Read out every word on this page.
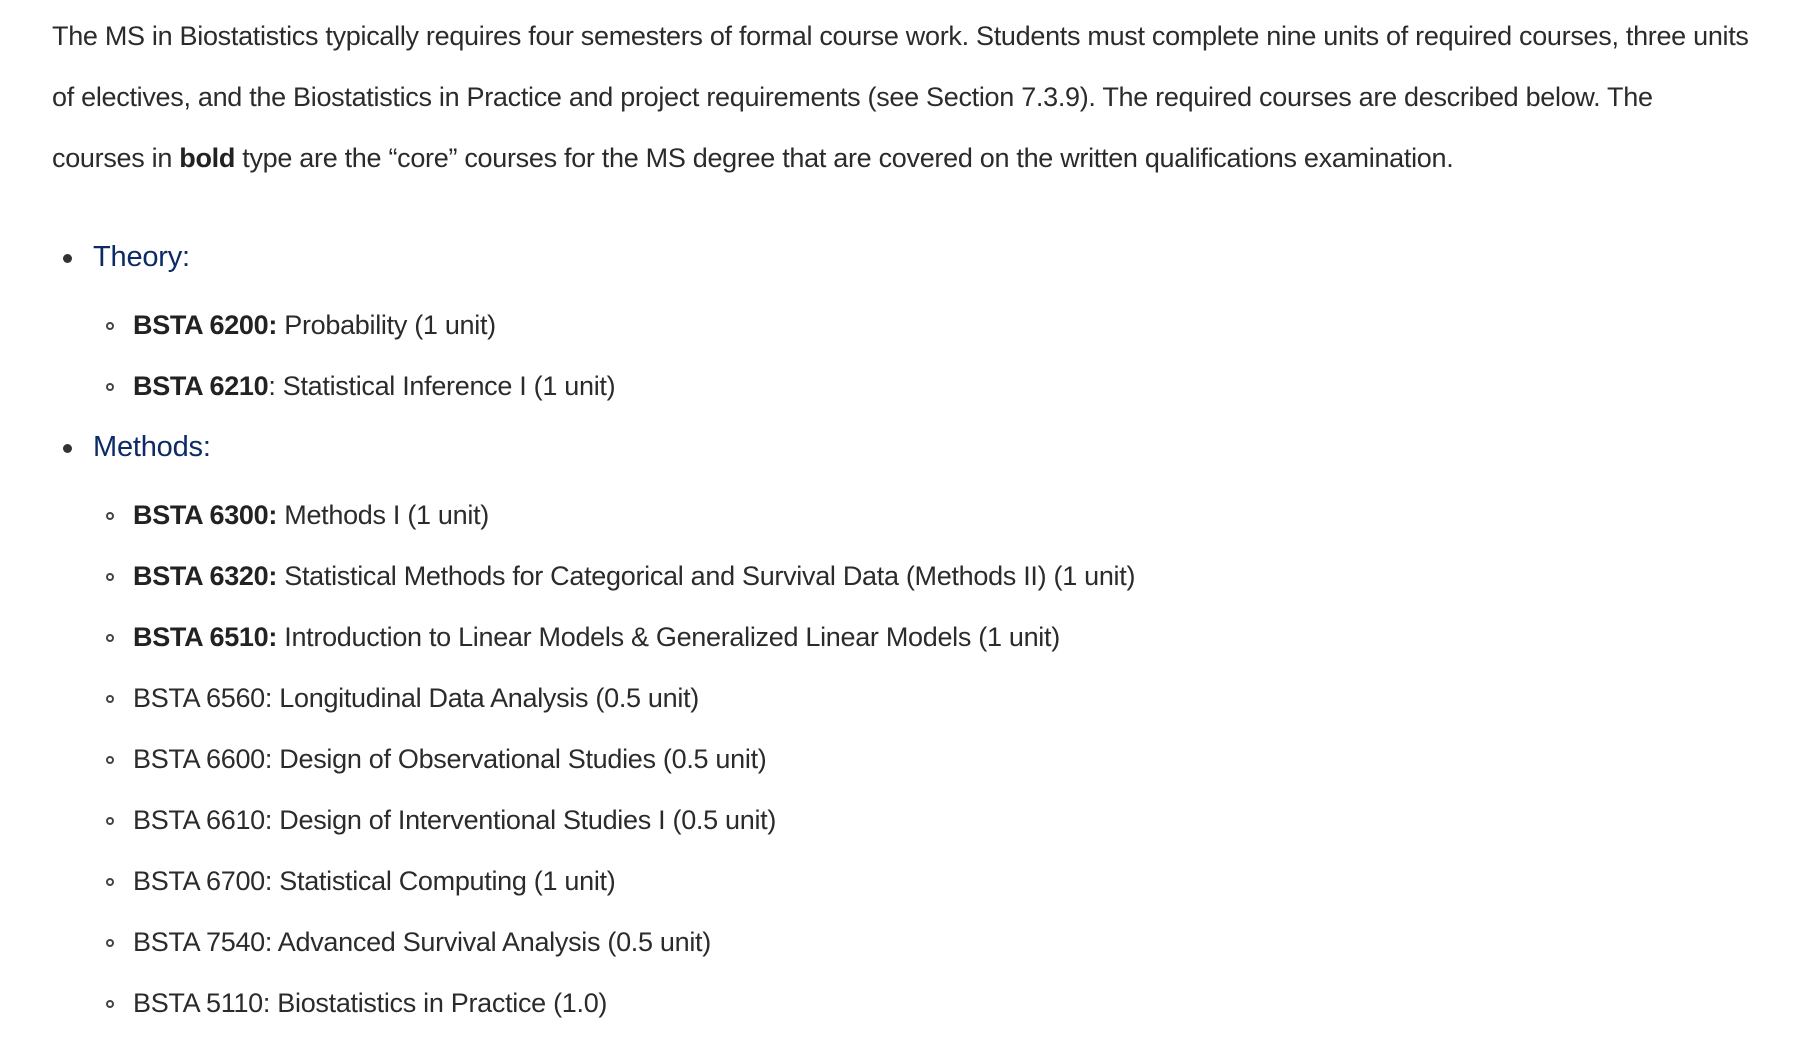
The MS in Biostatistics typically requires four semesters of formal course work. Students must complete nine units of required courses, three units of electives, and the Biostatistics in Practice and project requirements (see Section 7.3.9). The required courses are described below. The courses in bold type are the “core” courses for the MS degree that are covered on the written qualifications examination.

Theory:
BSTA 6200: Probability (1 unit)
BSTA 6210: Statistical Inference I (1 unit)
Methods:
BSTA 6300: Methods I (1 unit)
BSTA 6320: Statistical Methods for Categorical and Survival Data (Methods II) (1 unit)
BSTA 6510: Introduction to Linear Models & Generalized Linear Models (1 unit)
BSTA 6560: Longitudinal Data Analysis (0.5 unit)
BSTA 6600: Design of Observational Studies (0.5 unit)
BSTA 6610: Design of Interventional Studies I (0.5 unit)
BSTA 6700: Statistical Computing (1 unit)
BSTA 7540: Advanced Survival Analysis (0.5 unit)
BSTA 5110: Biostatistics in Practice (1.0)
